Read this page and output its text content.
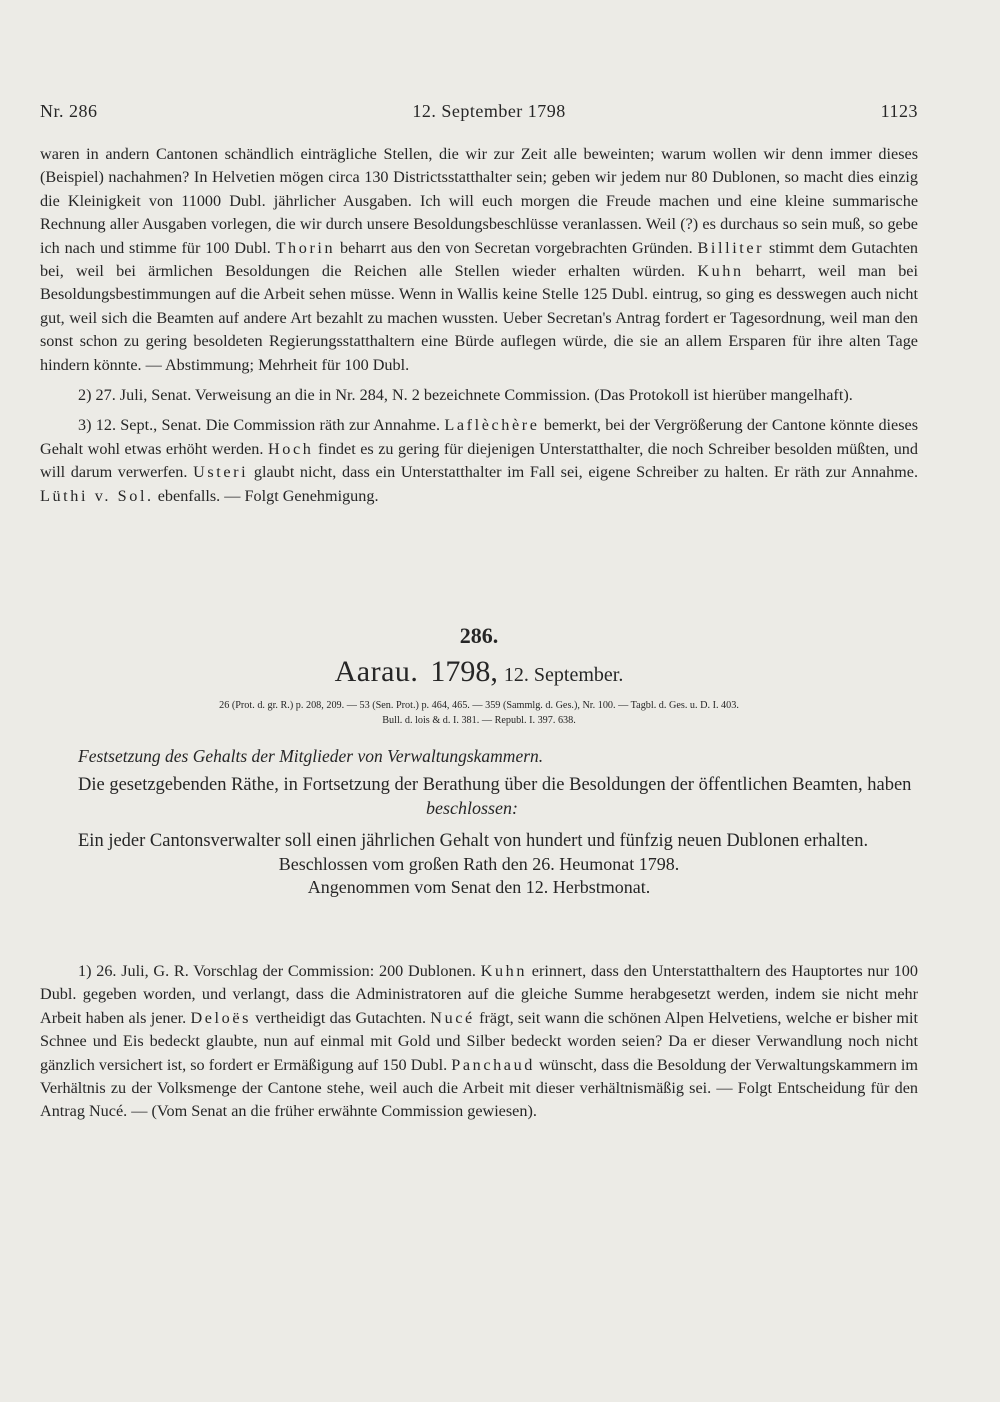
Nr. 286	12. September 1798	1123

waren in andern Cantonen schändlich einträgliche Stellen, die wir zur Zeit alle beweinten; warum wollen wir denn immer dieses (Beispiel) nachahmen? In Helvetien mögen circa 130 Districtsstatthalter sein; geben wir jedem nur 80 Dublonen, so macht dies einzig die Kleinigkeit von 11000 Dubl. jährlicher Ausgaben. Ich will euch morgen die Freude machen und eine kleine summarische Rechnung aller Ausgaben vorlegen, die wir durch unsere Besoldungsbeschlüsse veranlassen. Weil (?) es durchaus so sein muß, so gebe ich nach und stimme für 100 Dubl. Thorin beharrt aus den von Secretan vorgebrachten Gründen. Billiter stimmt dem Gutachten bei, weil bei ärmlichen Besoldungen die Reichen alle Stellen wieder erhalten würden. Kuhn beharrt, weil man bei Besoldungsbestimmungen auf die Arbeit sehen müsse. Wenn in Wallis keine Stelle 125 Dubl. eintrug, so ging es desswegen auch nicht gut, weil sich die Beamten auf andere Art bezahlt zu machen wussten. Ueber Secretan's Antrag fordert er Tagesordnung, weil man den sonst schon zu gering besoldeten Regierungsstatthaltern eine Bürde auflegen würde, die sie an allem Ersparen für ihre alten Tage hindern könnte. — Abstimmung; Mehrheit für 100 Dubl.

2) 27. Juli, Senat. Verweisung an die in Nr. 284, N. 2 bezeichnete Commission. (Das Protokoll ist hierüber mangelhaft).

3) 12. Sept., Senat. Die Commission räth zur Annahme. Laflèchère bemerkt, bei der Vergrößerung der Cantone könnte dieses Gehalt wohl etwas erhöht werden. Hoch findet es zu gering für diejenigen Unterstatthalter, die noch Schreiber besolden müßten, und will darum verwerfen. Usteri glaubt nicht, dass ein Unterstatthalter im Fall sei, eigene Schreiber zu halten. Er räth zur Annahme. Lüthi v. Sol. ebenfalls. — Folgt Genehmigung.

286.

Aarau. 1798, 12. September.

26 (Prot. d. gr. R.) p. 208, 209. — 53 (Sen. Prot.) p. 464, 465. — 359 (Sammlg. d. Ges.), Nr. 100. — Tagbl. d. Ges. u. D. I. 403.

Bull. d. lois & d. I. 381. — Republ. I. 397. 638.

Festsetzung des Gehalts der Mitglieder von Verwaltungskammern.

Die gesetzgebenden Räthe, in Fortsetzung der Berathung über die Besoldungen der öffentlichen Beamten, haben

beschlossen:

Ein jeder Cantonsverwalter soll einen jährlichen Gehalt von hundert und fünfzig neuen Dublonen erhalten.

Beschlossen vom großen Rath den 26. Heumonat 1798.

Angenommen vom Senat den 12. Herbstmonat.

1) 26. Juli, G. R. Vorschlag der Commission: 200 Dublonen. Kuhn erinnert, dass den Unterstatthaltern des Hauptortes nur 100 Dubl. gegeben worden, und verlangt, dass die Administratoren auf die gleiche Summe herabgesetzt werden, indem sie nicht mehr Arbeit haben als jener. Deloës vertheidigt das Gutachten. Nucé frägt, seit wann die schönen Alpen Helvetiens, welche er bisher mit Schnee und Eis bedeckt glaubte, nun auf einmal mit Gold und Silber bedeckt worden seien? Da er dieser Verwandlung noch nicht gänzlich versichert ist, so fordert er Ermäßigung auf 150 Dubl. Panchaud wünscht, dass die Besoldung der Verwaltungskammern im Verhältnis zu der Volksmenge der Cantone stehe, weil auch die Arbeit mit dieser verhältnismäßig sei. — Folgt Entscheidung für den Antrag Nucé. — (Vom Senat an die früher erwähnte Commission gewiesen).
